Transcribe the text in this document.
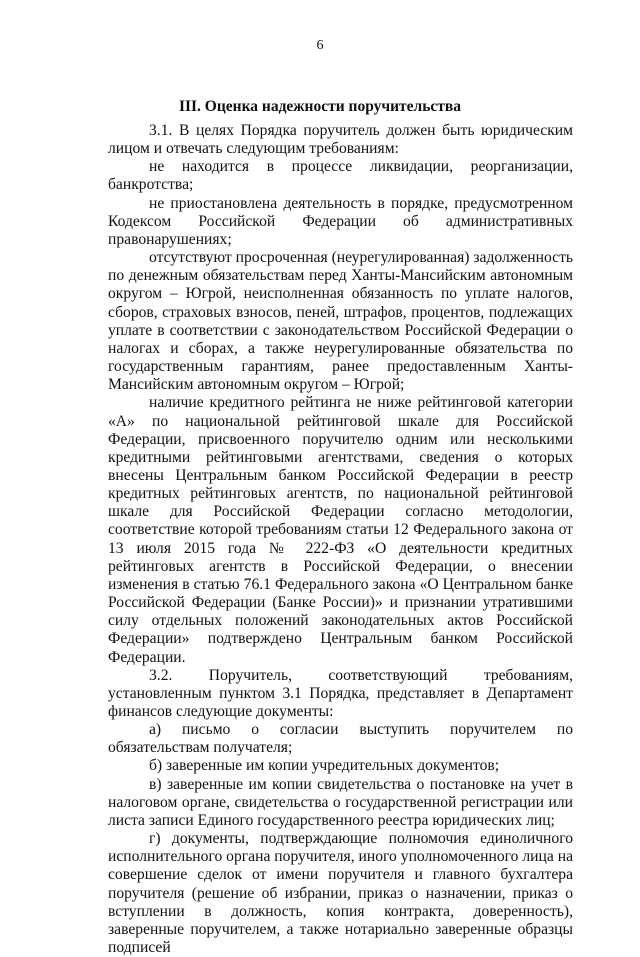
6
III. Оценка надежности поручительства

3.1. В целях Порядка поручитель должен быть юридическим лицом и отвечать следующим требованиям:

не находится в процессе ликвидации, реорганизации, банкротства;

не приостановлена деятельность в порядке, предусмотренном Кодексом Российской Федерации об административных правонарушениях;

отсутствуют просроченная (неурегулированная) задолженность по денежным обязательствам перед Ханты-Мансийским автономным округом – Югрой, неисполненная обязанность по уплате налогов, сборов, страховых взносов, пеней, штрафов, процентов, подлежащих уплате в соответствии с законодательством Российской Федерации о налогах и сборах, а также неурегулированные обязательства по государственным гарантиям, ранее предоставленным Ханты-Мансийским автономным округом – Югрой;

наличие кредитного рейтинга не ниже рейтинговой категории «А» по национальной рейтинговой шкале для Российской Федерации, присвоенного поручителю одним или несколькими кредитными рейтинговыми агентствами, сведения о которых внесены Центральным банком Российской Федерации в реестр кредитных рейтинговых агентств, по национальной рейтинговой шкале для Российской Федерации согласно методологии, соответствие которой требованиям статьи 12 Федерального закона от 13 июля 2015 года № 222-ФЗ «О деятельности кредитных рейтинговых агентств в Российской Федерации, о внесении изменения в статью 76.1 Федерального закона «О Центральном банке Российской Федерации (Банке России)» и признании утратившими силу отдельных положений законодательных актов Российской Федерации» подтверждено Центральным банком Российской Федерации.

3.2. Поручитель, соответствующий требованиям, установленным пунктом 3.1 Порядка, представляет в Департамент финансов следующие документы:

а) письмо о согласии выступить поручителем по обязательствам получателя;

б) заверенные им копии учредительных документов;

в) заверенные им копии свидетельства о постановке на учет в налоговом органе, свидетельства о государственной регистрации или листа записи Единого государственного реестра юридических лиц;

г) документы, подтверждающие полномочия единоличного исполнительного органа поручителя, иного уполномоченного лица на совершение сделок от имени поручителя и главного бухгалтера поручителя (решение об избрании, приказ о назначении, приказ о вступлении в должность, копия контракта, доверенность), заверенные поручителем, а также нотариально заверенные образцы подписей
